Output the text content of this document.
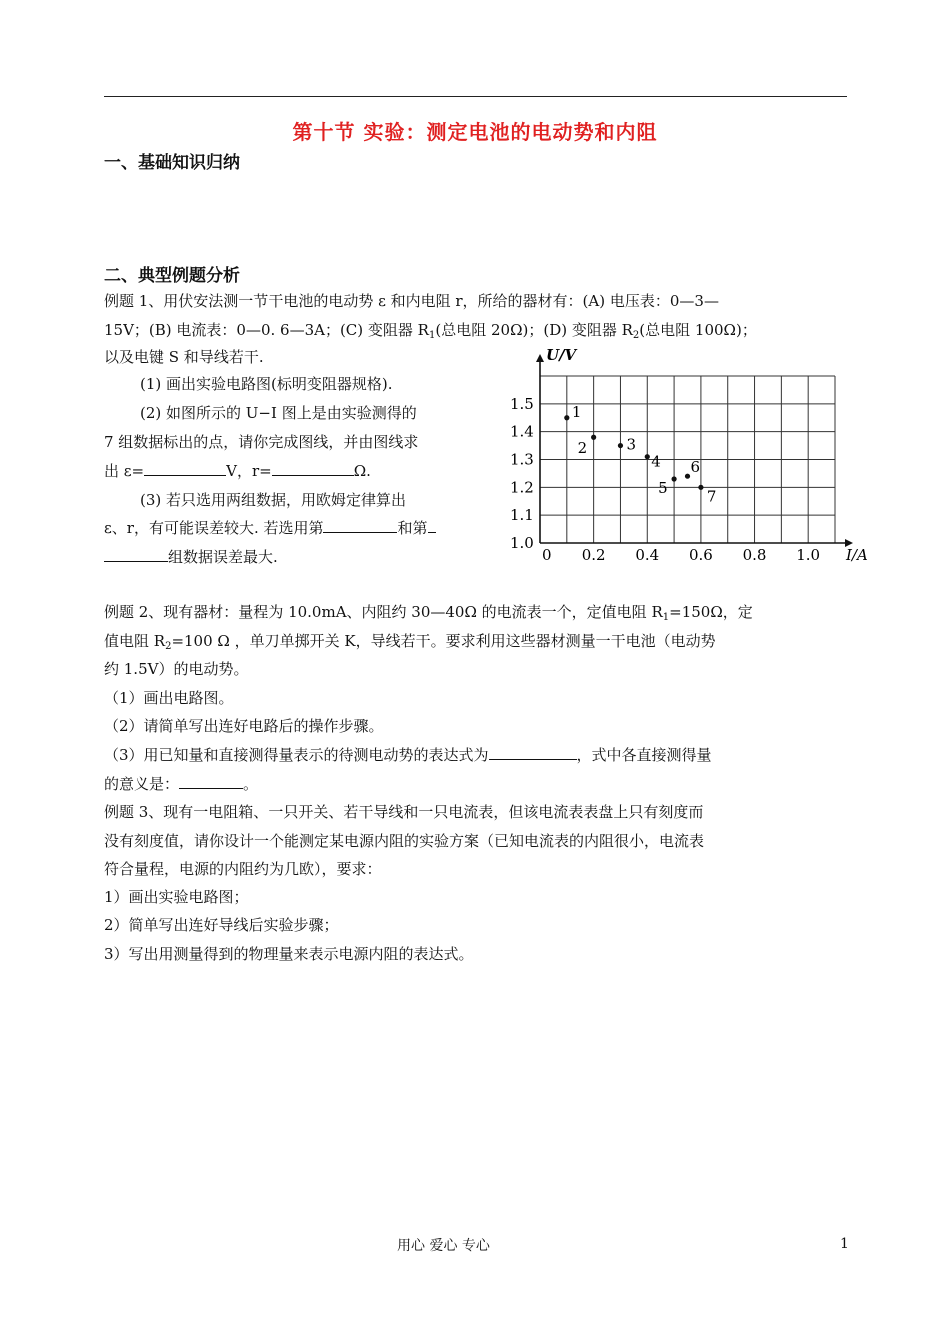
第十节 实验：测定电池的电动势和内阻
一、基础知识归纳
二、典型例题分析
例题 1、用伏安法测一节干电池的电动势 ε 和内电阻 r，所给的器材有：(A) 电压表：0—3—
15V；(B) 电流表：0—0. 6—3A；(C) 变阻器 $R_1$(总电阻 20Ω)；(D) 变阻器 $R_2$(总电阻 100Ω)；
以及电键 S 和导线若干.
(1) 画出实验电路图(标明变阻器规格).
(2) 如图所示的 U−I 图上是由实验测得的
7 组数据标出的点，请你完成图线，并由图线求
出 ε=	V，r=	Ω.
(3) 若只选用两组数据，用欧姆定律算出
ε、r，有可能误差较大. 若选用第	和第
组数据误差最大.
U/V
I/A
0 0.2 0.4 0.6 0.8 1.0
1.0
1.1
1.2
1.3
1.4
1.5	1
2	3
4
5
6
7
例题 2、现有器材：量程为 10.0mA、内阻约 30—40Ω 的电流表一个，定值电阻 $R_1=150\Omega$，定
值电阻 $R_2=100$ Ω ，单刀单掷开关 K，导线若干。要求利用这些器材测量一干电池（电动势
约 1.5V）的电动势。
（1）画出电路图。
（2）请简单写出连好电路后的操作步骤。
（3）用已知量和直接测得量表示的待测电动势的表达式为	，式中各直接测得量
的意义是：	。
例题 3、现有一电阻箱、一只开关、若干导线和一只电流表，但该电流表表盘上只有刻度而
没有刻度值，请你设计一个能测定某电源内阻的实验方案（已知电流表的内阻很小，电流表
符合量程，电源的内阻约为几欧），要求：
1）画出实验电路图；
2）简单写出连好导线后实验步骤；
3）写出用测量得到的物理量来表示电源内阻的表达式。
用心 爱心 专心	1
